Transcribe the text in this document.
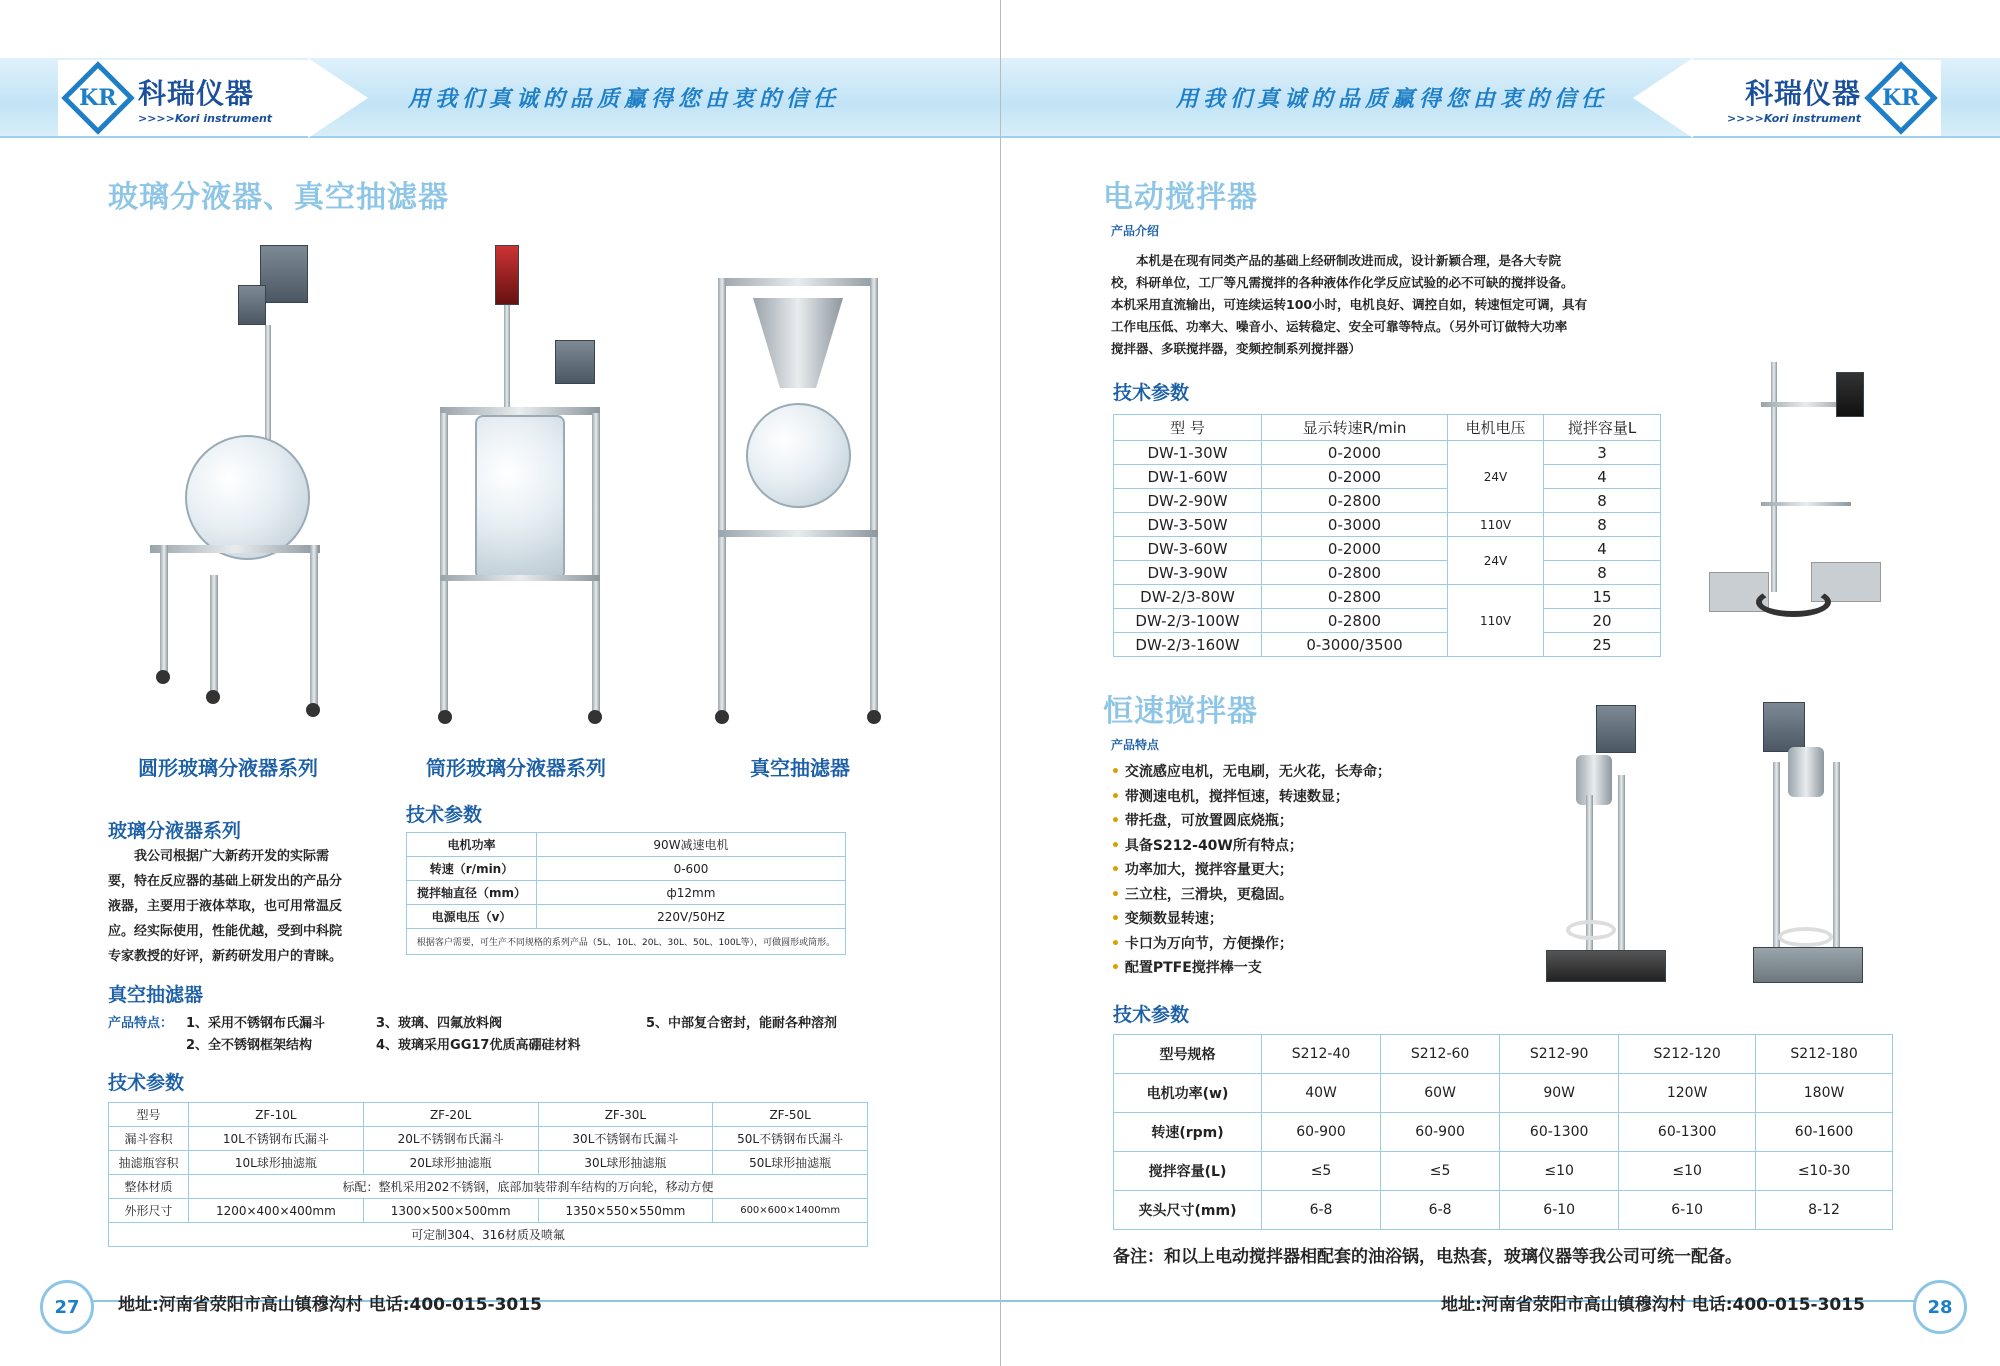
KR 科瑞仪器
>>>>Kori instrument
用我们真诚的品质赢得您由衷的信任
玻璃分液器、真空抽滤器
圆形玻璃分液器系列	筒形玻璃分液器系列	真空抽滤器
玻璃分液器系列
　　我公司根据广大新药开发的实际需
要，特在反应器的基础上研发出的产品分
液器，主要用于液体萃取，也可用常温反
应。经实际使用，性能优越，受到中科院
专家教授的好评，新药研发用户的青睐。
技术参数
电机功率	90W减速电机
转速（r/min）	0-600
搅拌轴直径（mm）	ф12mm
电源电压（v）	220V/50HZ
根据客户需要，可生产不同规格的系列产品（5L、10L、20L、30L、50L、100L等），可做圆形或筒形。	
真空抽滤器
产品特点： 1、采用不锈钢布氏漏斗
2、全不锈钢框架结构
3、玻璃、四氟放料阀
4、玻璃采用GG17优质高硼硅材料
5、中部复合密封，能耐各种溶剂
技术参数
型号	ZF-10L	ZF-20L	ZF-30L	ZF-50L
漏斗容积	10L不锈钢布氏漏斗	20L不锈钢布氏漏斗	30L不锈钢布氏漏斗	50L不锈钢布氏漏斗
抽滤瓶容积	10L球形抽滤瓶	20L球形抽滤瓶	30L球形抽滤瓶	50L球形抽滤瓶
整体材质	标配：整机采用202不锈钢，底部加装带刹车结构的万向轮，移动方便			
外形尺寸	1200×400×400mm	1300×500×500mm	1350×550×550mm	600×600×1400mm
可定制304、316材质及喷氟				
27	地址:河南省荥阳市高山镇穆沟村 电话:400-015-3015
用我们真诚的品质赢得您由衷的信任	科瑞仪器
>>>>Kori instrument
KR
电动搅拌器
产品介绍
　　本机是在现有同类产品的基础上经研制改进而成，设计新颖合理，是各大专院
校，科研单位，工厂等凡需搅拌的各种液体作化学反应试验的必不可缺的搅拌设备。
本机采用直流输出，可连续运转100小时，电机良好、调控自如，转速恒定可调，具有
工作电压低、功率大、噪音小、运转稳定、安全可靠等特点。（另外可订做特大功率
搅拌器、多联搅拌器，变频控制系列搅拌器）
技术参数
型 号	显示转速R/min	电机电压	搅拌容量L
DW-1-30W	0-2000	24V	3
DW-1-60W	0-2000		4
DW-2-90W	0-2800		8
DW-3-50W	0-3000	110V	8
DW-3-60W	0-2000	24V	4
DW-3-90W	0-2800		8
DW-2/3-80W	0-2800	110V	15
DW-2/3-100W	0-2800		20
DW-2/3-160W	0-3000/3500		25
恒速搅拌器
产品特点
• 交流感应电机，无电刷，无火花，长寿命；
• 带测速电机，搅拌恒速，转速数显；
• 带托盘，可放置圆底烧瓶；
• 具备S212-40W所有特点；
• 功率加大，搅拌容量更大；
• 三立柱，三滑块，更稳固。
• 变频数显转速；
• 卡口为万向节，方便操作；
• 配置PTFE搅拌棒一支
技术参数
型号规格	S212-40	S212-60	S212-90	S212-120	S212-180
电机功率(w)	40W	60W	90W	120W	180W
转速(rpm)	60-900	60-900	60-1300	60-1300	60-1600
搅拌容量(L)	≤5	≤5	≤10	≤10	≤10-30
夹头尺寸(mm)	6-8	6-8	6-10	6-10	8-12
备注：和以上电动搅拌器相配套的油浴锅，电热套，玻璃仪器等我公司可统一配备。
地址:河南省荥阳市高山镇穆沟村 电话:400-015-3015	28
